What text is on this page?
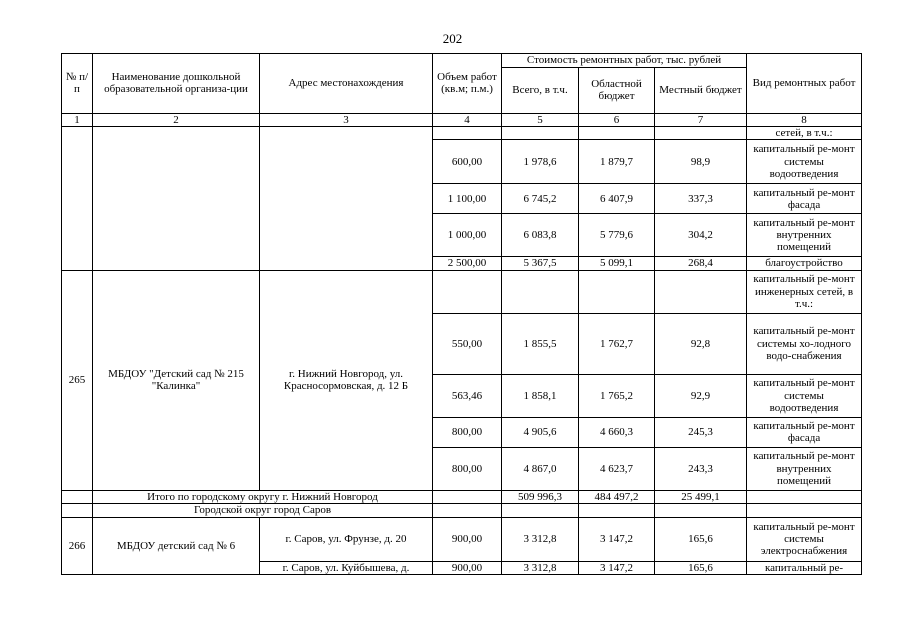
202
№ п/п	Наименование дошкольной образовательной организа-ции	Адрес местонахождения	Объем работ (кв.м; п.м.)	Стоимость ремонтных работ, тыс. рублей			Вид ремонтных работ
				Всего, в т.ч.	Областной бюджет	Местный бюджет	
1	2	3	4	5	6	7	8
							сетей, в т.ч.:
			600,00	1 978,6	1 879,7	98,9	капитальный ре-монт системы водоотведения
			1 100,00	6 745,2	6 407,9	337,3	капитальный ре-монт фасада
			1 000,00	6 083,8	5 779,6	304,2	капитальный ре-монт внутренних помещений
			2 500,00	5 367,5	5 099,1	268,4	благоустройство
265	МБДОУ "Детский сад № 215 "Калинка"	г. Нижний Новгород, ул. Красносормовская, д. 12 Б					капитальный ре-монт инженерных сетей, в т.ч.:
			550,00	1 855,5	1 762,7	92,8	капитальный ре-монт системы хо-лодного водо-снабжения
			563,46	1 858,1	1 765,2	92,9	капитальный ре-монт системы водоотведения
			800,00	4 905,6	4 660,3	245,3	капитальный ре-монт фасада
			800,00	4 867,0	4 623,7	243,3	капитальный ре-монт внутренних помещений
	Итого по городскому округу г. Нижний Новгород			509 996,3	484 497,2	25 499,1	
	Городской округ город Саров						
266	МБДОУ детский сад № 6	г. Саров, ул. Фрунзе, д. 20	900,00	3 312,8	3 147,2	165,6	капитальный ре-монт системы электроснабжения
		г. Саров, ул. Куйбышева, д.	900,00	3 312,8	3 147,2	165,6	капитальный ре-
